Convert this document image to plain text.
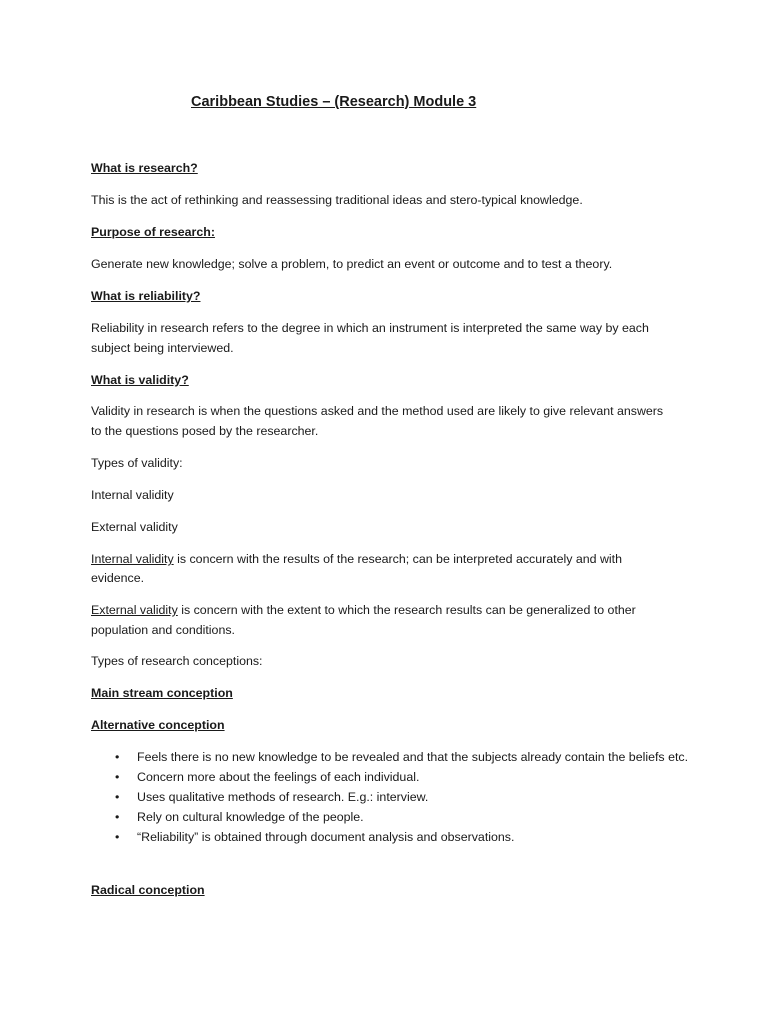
Caribbean Studies – (Research) Module 3
What is research?
This is the act of rethinking and reassessing traditional ideas and stero-typical knowledge.
Purpose of research:
Generate new knowledge; solve a problem, to predict an event or outcome and to test a theory.
What is reliability?
Reliability in research refers to the degree in which an instrument is interpreted the same way by each
subject being interviewed.
What is validity?
Validity in research is when the questions asked and the method used are likely to give relevant answers
to the questions posed by the researcher.
Types of validity:
Internal validity
External validity
Internal validity is concern with the results of the research; can be interpreted accurately and with
evidence.
External validity is concern with the extent to which the research results can be generalized to other
population and conditions.
Types of research conceptions:
Main stream conception
Alternative conception
• Feels there is no new knowledge to be revealed and that the subjects already contain the beliefs etc.
• Concern more about the feelings of each individual.
• Uses qualitative methods of research. E.g.: interview.
• Rely on cultural knowledge of the people.
• “Reliability” is obtained through document analysis and observations.
Radical conception
